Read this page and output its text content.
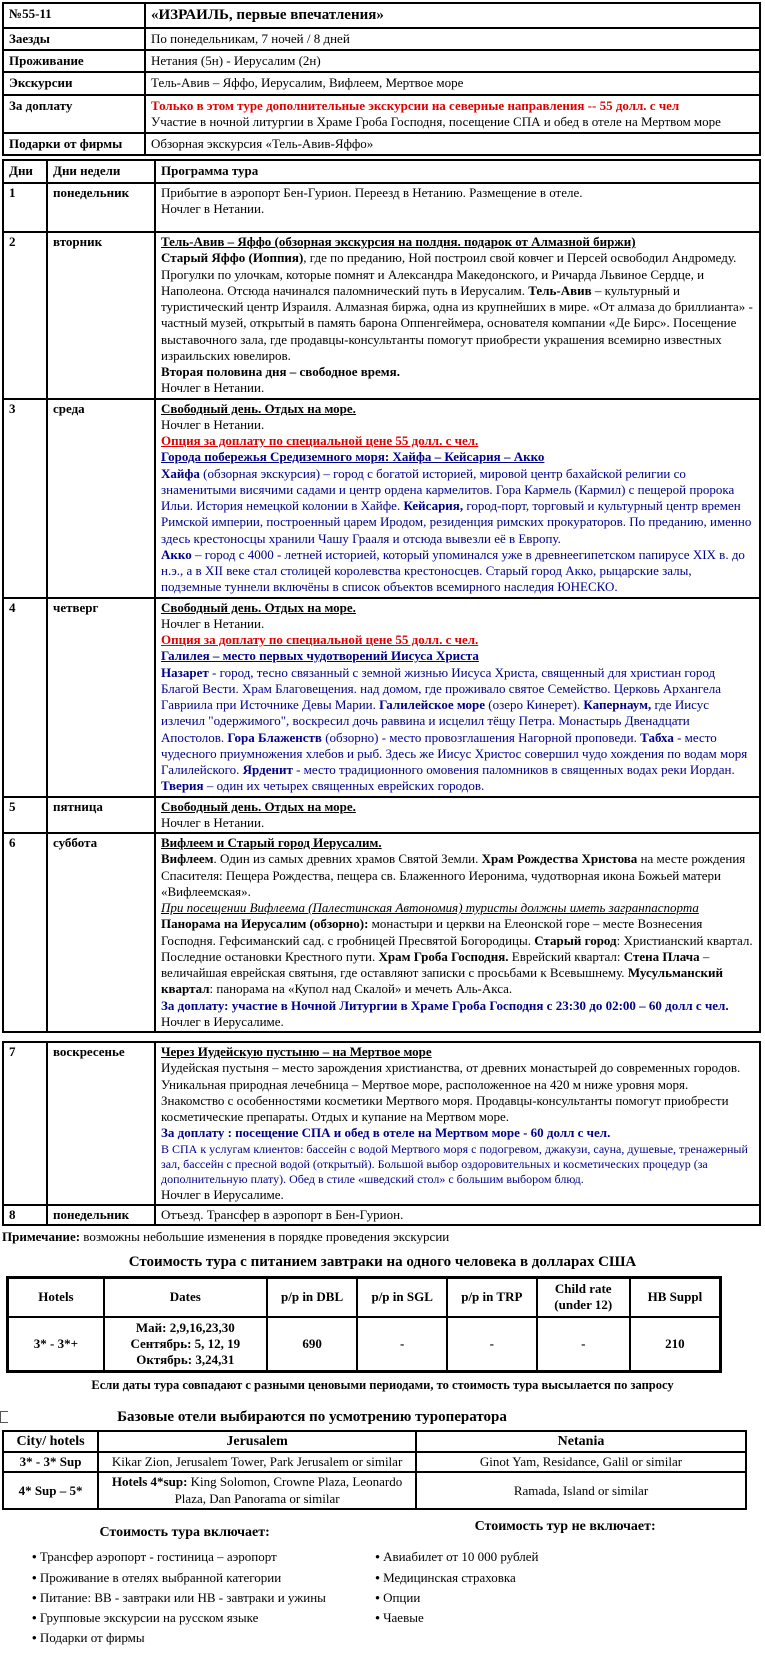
№55-11	«ИЗРАИЛЬ, первые впечатления»

Заезды	По понедельникам, 7 ночей / 8 дней

Проживание	Нетания (5н) - Иерусалим (2н)

Экскурсии	Тель-Авив – Яффо, Иерусалим, Вифлеем, Мертвое море

За доплату	Только в этом туре дополнительные экскурсии на северные направления -- 55 долл. с чел
Участие в ночной литургии в Храме Гроба Господня, посещение СПА и обед в отеле на Мертвом море

Подарки от фирмы	Обзорная экскурсия «Тель-Авив-Яффо»
Дни	Дни недели	Программа тура
1	понедельник	Прибытие в аэропорт Бен-Гурион. Переезд в Нетанию. Размещение в отеле.
Ночлег в Нетании.

2	вторник	Тель-Авив – Яффо (обзорная экскурсия на полдня. подарок от Алмазной биржи)
Старый Яффо (Иоппия), где по преданию, Ной построил свой ковчег и Персей освободил Андромеду. Прогулки по улочкам, которые помнят и Александра Македонского, и Ричарда Львиное Сердце, и Наполеона. Отсюда начинался паломнический путь в Иерусалим. Тель-Авив – культурный и туристический центр Израиля. Алмазная биржа, одна из крупнейших в мире. «От алмаза до бриллианта» - частный музей, открытый в память барона Оппенгеймера, основателя компании «Де Бирс». Посещение выставочного зала, где продавцы-консультанты помогут приобрести украшения всемирно известных израильских ювелиров.
Вторая половина дня – свободное время.
Ночлег в Нетании.

3	среда	Свободный день. Отдых на море.
Ночлег в Нетании.
Опция за доплату по специальной цене 55 долл. с чел.
Города побережья Средиземного моря: Хайфа – Кейсария – Акко
Хайфа (обзорная экскурсия) – город с богатой историей, мировой центр бахайской религии со знаменитыми висячими садами и центр ордена кармелитов. Гора Кармель (Кармил) с пещерой пророка Ильи. История немецкой колонии в Хайфе. Кейсария, город-порт, торговый и культурный центр времен Римской империи, построенный царем Иродом, резиденция римских прокураторов. По преданию, именно здесь крестоносцы хранили Чашу Грааля и отсюда вывезли её в Европу.
Акко – город с 4000 - летней историей, который упоминался уже в древнеегипетском папирусе XIX в. до н.э., а в XII веке стал столицей королевства крестоносцев. Старый город Акко, рыцарские залы, подземные туннели включёны в список объектов всемирного наследия ЮНЕСКО.

4	четверг	Свободный день. Отдых на море.
Ночлег в Нетании.
Опция за доплату по специальной цене 55 долл. с чел.
Галилея – место первых чудотворений Иисуса Христа
Назарет - город, тесно связанный с земной жизнью Иисуса Христа, священный для христиан город Благой Вести. Храм Благовещения. над домом, где проживало святое Семейство. Церковь Архангела Гавриила при Источнике Девы Марии. Галилейское море (озеро Кинерет). Капернаум, где Иисус излечил "одержимого", воскресил дочь раввина и исцелил тёщу Петра. Монастырь Двенадцати Апостолов. Гора Блаженств (обзорно) - место провозглашения Нагорной проповеди. Табха - место чудесного приумножения хлебов и рыб. Здесь же Иисус Христос совершил чудо хождения по водам моря Галилейского. Ярденит - место традиционного омовения паломников в священных водах реки Иордан. Тверия – один их четырех священных еврейских городов.

5	пятница	Свободный день. Отдых на море.
Ночлег в Нетании.

6	суббота	Вифлеем и Старый город Иерусалим.
Вифлеем. Один из самых древних храмов Святой Земли. Храм Рождества Христова на месте рождения Спасителя: Пещера Рождества, пещера св. Блаженного Иеронима, чудотворная икона Божьей матери «Вифлеемская».
При посещении Вифлеема (Палестинская Автономия) туристы должны иметь загранпаспорта
Панорама на Иерусалим (обзорно): монастыри и церкви на Елеонской горе – месте Вознесения Господня. Гефсиманский сад. с гробницей Пресвятой Богородицы. Старый город: Христианский квартал. Последние остановки Крестного пути. Храм Гроба Господня. Еврейский квартал: Стена Плача – величайшая еврейская святыня, где оставляют записки с просьбами к Всевышнему. Мусульманский квартал: панорама на «Купол над Скалой» и мечеть Аль-Акса.
За доплату: участие в Ночной Литургии в Храме Гроба Господня с 23:30 до 02:00 – 60 долл с чел.
Ночлег в Иерусалиме.
7	воскресенье	Через Иудейскую пустыню – на Мертвое море
Иудейская пустыня – место зарождения христианства, от древних монастырей до современных городов. Уникальная природная лечебница – Мертвое море, расположенное на 420 м ниже уровня моря. Знакомство с особенностями косметики Мертвого моря. Продавцы-консультанты помогут приобрести косметические препараты. Отдых и купание на Мертвом море.
За доплату : посещение СПА и обед в отеле на Мертвом море - 60 долл с чел.
В СПА к услугам клиентов: бассейн с водой Мертвого моря с подогревом, джакузи, сауна, душевые, тренажерный зал, бассейн с пресной водой (открытый). Большой выбор оздоровительных и косметических процедур (за дополнительную плату). Обед в стиле «шведский стол» с большим выбором блюд.
Ночлег в Иерусалиме.

8	понедельник	Отъезд. Трансфер в аэропорт в Бен-Гурион.

Примечание: возможны небольшие изменения в порядке проведения экскурсии

Стоимость тура с питанием завтраки на одного человека в долларах США
Hotels	Dates	p/p in DBL	p/p in SGL	p/p in TRP	Child rate (under 12)	HB Suppl
3* - 3*+	Май: 2,9,16,23,30
Сентябрь: 5, 12, 19
Октябрь: 3,24,31	690	-	-	-	210

Если даты тура совпадают с разными ценовыми периодами, то стоимость тура высылается по запросу

Базовые отели выбираются по усмотрению туроператора
City/ hotels	Jerusalem	Netania
3* - 3* Sup	Kikar Zion, Jerusalem Tower, Park Jerusalem or similar	Ginot Yam, Residance, Galil or similar
4* Sup – 5*	Hotels 4*sup: King Solomon, Crowne Plaza, Leonardo Plaza, Dan Panorama or similar	Ramada, Island or similar
Стоимость тура включает:
• Трансфер аэропорт - гостиница – аэропорт
• Проживание в отелях выбранной категории
• Питание: BB - завтраки или HB - завтраки и ужины
• Групповые экскурсии на русском языке
• Подарки от фирмы
Стоимость тур не включает:
• Авиабилет от 10 000 рублей
• Медицинская страховка
• Опции
• Чаевые
